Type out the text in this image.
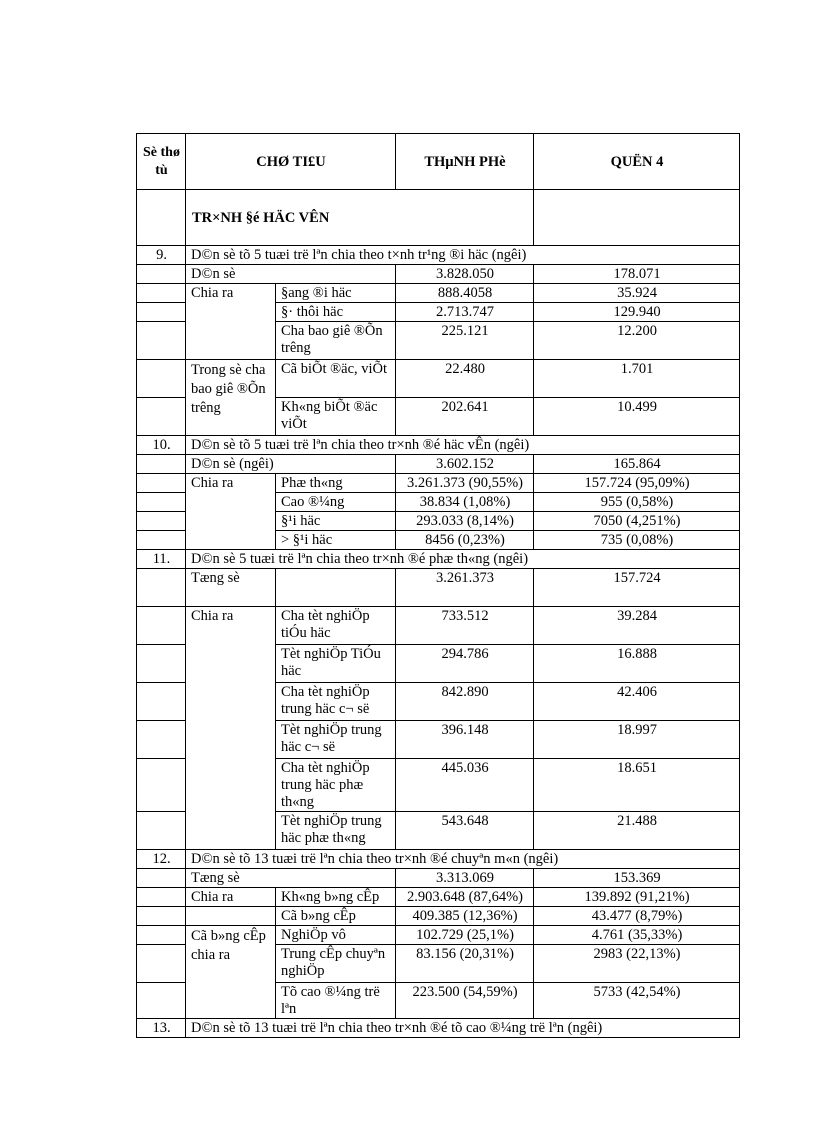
Sè thø tù	CHØ TI£U		THµNH PHè	QUËN 4
	TR×NH §é HÄC VÊN			
9.	D©n sè tõ 5 tuæi trë lªn chia theo t×nh tr¹ng ®i häc (ngêi)			
	D©n sè		3.828.050	178.071
	Chia ra	§ang ®i häc	888.4058	35.924
		§· thôi häc	2.713.747	129.940
		Cha bao giê ®Õn trêng	225.121	12.200
	Trong sè cha bao giê ®Õn trêng	Cã biÕt ®äc, viÕt	22.480	1.701
		Kh«ng biÕt ®äc viÕt	202.641	10.499
10.	D©n sè tõ 5 tuæi trë lªn chia theo tr×nh ®é häc vÊn (ngêi)			
	D©n sè (ngêi)		3.602.152	165.864
	Chia ra	Phæ th«ng	3.261.373 (90,55%)	157.724 (95,09%)
		Cao ®¼ng	38.834 (1,08%)	955 (0,58%)
		§¹i häc	293.033 (8,14%)	7050 (4,251%)
		> §¹i häc	8456 (0,23%)	735 (0,08%)
11.	D©n sè 5 tuæi trë lªn chia theo tr×nh ®é phæ th«ng (ngêi)			
	Tæng sè		3.261.373	157.724
	Chia ra	Cha tèt nghiÖp tiÓu häc	733.512	39.284
		Tèt nghiÖp TiÓu häc	294.786	16.888
		Cha tèt nghiÖp trung häc c¬ së	842.890	42.406
		Tèt nghiÖp trung häc c¬ së	396.148	18.997
		Cha tèt nghiÖp trung häc phæ th«ng	445.036	18.651
		Tèt nghiÖp trung häc phæ th«ng	543.648	21.488
12.	D©n sè tõ 13 tuæi trë lªn chia theo tr×nh ®é chuyªn m«n (ngêi)			
	Tæng sè		3.313.069	153.369
	Chia ra	Kh«ng b»ng cÊp	2.903.648 (87,64%)	139.892 (91,21%)
		Cã b»ng cÊp	409.385 (12,36%)	43.477 (8,79%)
	Cã b»ng cÊp chia ra	NghiÖp vô	102.729 (25,1%)	4.761 (35,33%)
		Trung cÊp chuyªn nghiÖp	83.156 (20,31%)	2983 (22,13%)
		Tõ cao ®¼ng trë lªn	223.500 (54,59%)	5733 (42,54%)
13.	D©n sè tõ 13 tuæi trë lªn chia theo tr×nh ®é tõ cao ®¼ng trë lªn (ngêi)			
